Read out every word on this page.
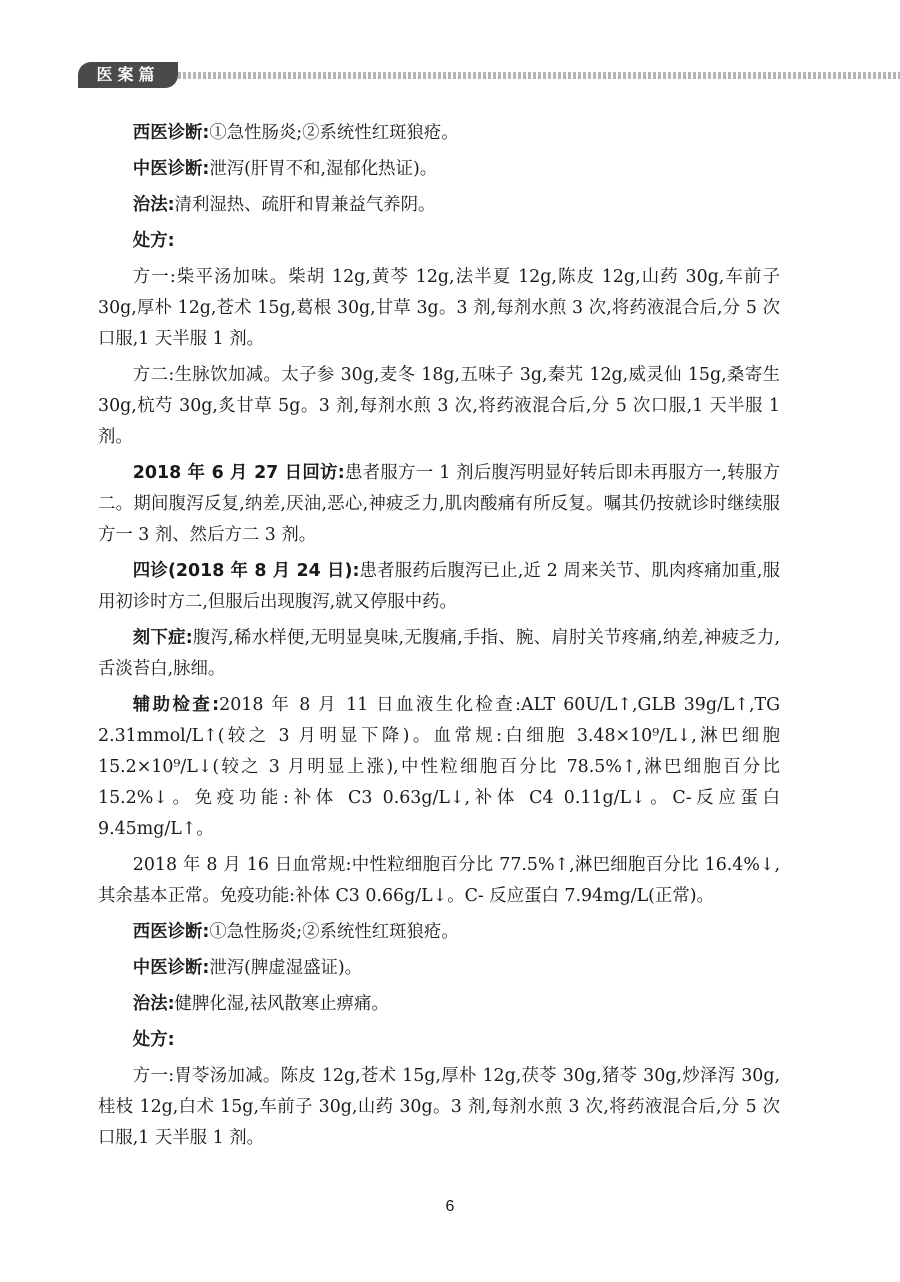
医案篇

西医诊断:①急性肠炎;②系统性红斑狼疮。

中医诊断:泄泻(肝胃不和,湿郁化热证)。

治法:清利湿热、疏肝和胃兼益气养阴。

处方:

方一:柴平汤加味。柴胡 12g,黄芩 12g,法半夏 12g,陈皮 12g,山药 30g,车前子 30g,厚朴 12g,苍术 15g,葛根 30g,甘草 3g。3 剂,每剂水煎 3 次,将药液混合后,分 5 次口服,1 天半服 1 剂。

方二:生脉饮加减。太子参 30g,麦冬 18g,五味子 3g,秦艽 12g,威灵仙 15g,桑寄生 30g,杭芍 30g,炙甘草 5g。3 剂,每剂水煎 3 次,将药液混合后,分 5 次口服,1 天半服 1 剂。

2018 年 6 月 27 日回访:患者服方一 1 剂后腹泻明显好转后即未再服方一,转服方二。期间腹泻反复,纳差,厌油,恶心,神疲乏力,肌肉酸痛有所反复。嘱其仍按就诊时继续服方一 3 剂、然后方二 3 剂。

四诊(2018 年 8 月 24 日):患者服药后腹泻已止,近 2 周来关节、肌肉疼痛加重,服用初诊时方二,但服后出现腹泻,就又停服中药。

刻下症:腹泻,稀水样便,无明显臭味,无腹痛,手指、腕、肩肘关节疼痛,纳差,神疲乏力,舌淡苔白,脉细。

辅助检查:2018 年 8 月 11 日血液生化检查:ALT 60U/L↑,GLB 39g/L↑,TG 2.31mmol/L↑(较之 3 月明显下降)。血常规:白细胞 3.48×10⁹/L↓,淋巴细胞 15.2×10⁹/L↓(较之 3 月明显上涨),中性粒细胞百分比 78.5%↑,淋巴细胞百分比 15.2%↓。免疫功能:补体 C3 0.63g/L↓,补体 C4 0.11g/L↓。C-反应蛋白 9.45mg/L↑。

2018 年 8 月 16 日血常规:中性粒细胞百分比 77.5%↑,淋巴细胞百分比 16.4%↓,其余基本正常。免疫功能:补体 C3 0.66g/L↓。C- 反应蛋白 7.94mg/L(正常)。

西医诊断:①急性肠炎;②系统性红斑狼疮。

中医诊断:泄泻(脾虚湿盛证)。

治法:健脾化湿,祛风散寒止痹痛。

处方:

方一:胃苓汤加减。陈皮 12g,苍术 15g,厚朴 12g,茯苓 30g,猪苓 30g,炒泽泻 30g,桂枝 12g,白术 15g,车前子 30g,山药 30g。3 剂,每剂水煎 3 次,将药液混合后,分 5 次口服,1 天半服 1 剂。

6
